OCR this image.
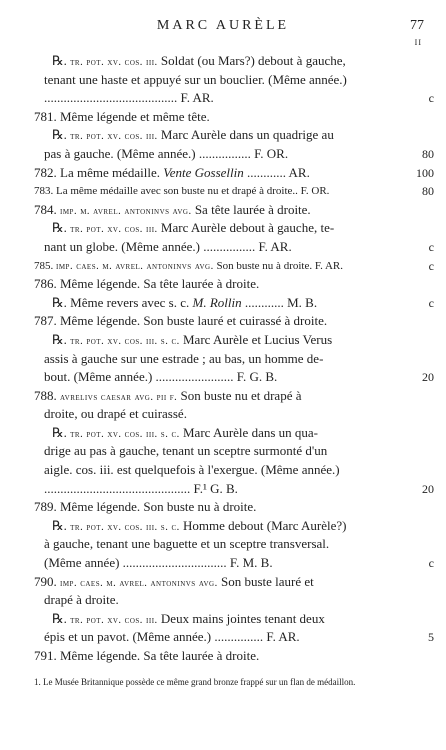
MARC AURÈLE	77
II
℞. tr. pot. xv. cos. iii. Soldat (ou Mars?) debout à gauche,
tenant une haste et appuyé sur un bouclier. (Même année.)
......................................... F. AR.	c
781. Même légende et même tête.
℞. tr. pot. xv. cos. iii. Marc Aurèle dans un quadrige au
pas à gauche. (Même année.) ................ F. OR.	80
782. La même médaille. Vente Gossellin ............ AR.	100
783. La même médaille avec son buste nu et drapé à droite.. F. OR.	80
784. imp. m. avrel. antoninvs avg. Sa tête laurée à droite.
℞. tr. pot. xv. cos. iii. Marc Aurèle debout à gauche, te-
nant un globe. (Même année.) ................ F. AR.	c
785. imp. caes. m. avrel. antoninvs avg. Son buste nu à droite. F. AR.	c
786. Même légende. Sa tête laurée à droite.
℞. Même revers avec s. c. M. Rollin ............ M. B.	c
787. Même légende. Son buste lauré et cuirassé à droite.
℞. tr. pot. xv. cos. iii. s. c. Marc Aurèle et Lucius Verus
assis à gauche sur une estrade ; au bas, un homme de-
bout. (Même année.) ........................ F. G. B.	20
788. avrelivs caesar avg. pii f. Son buste nu et drapé à
droite, ou drapé et cuirassé.
℞. tr. pot. xv. cos. iii. s. c. Marc Aurèle dans un qua-
drige au pas à gauche, tenant un sceptre surmonté d'un
aigle. cos. iii. est quelquefois à l'exergue. (Même année.)
............................................. F.¹ G. B.	20
789. Même légende. Son buste nu à droite.
℞. tr. pot. xv. cos. iii. s. c. Homme debout (Marc Aurèle?)
à gauche, tenant une baguette et un sceptre transversal.
(Même année) ................................ F. M. B.	c
790. imp. caes. m. avrel. antoninvs avg. Son buste lauré et
drapé à droite.
℞. tr. pot. xv. cos. iii. Deux mains jointes tenant deux
épis et un pavot. (Même année.) ............... F. AR.	5
791. Même légende. Sa tête laurée à droite.
1. Le Musée Britannique possède ce même grand bronze frappé sur un flan de médaillon.
